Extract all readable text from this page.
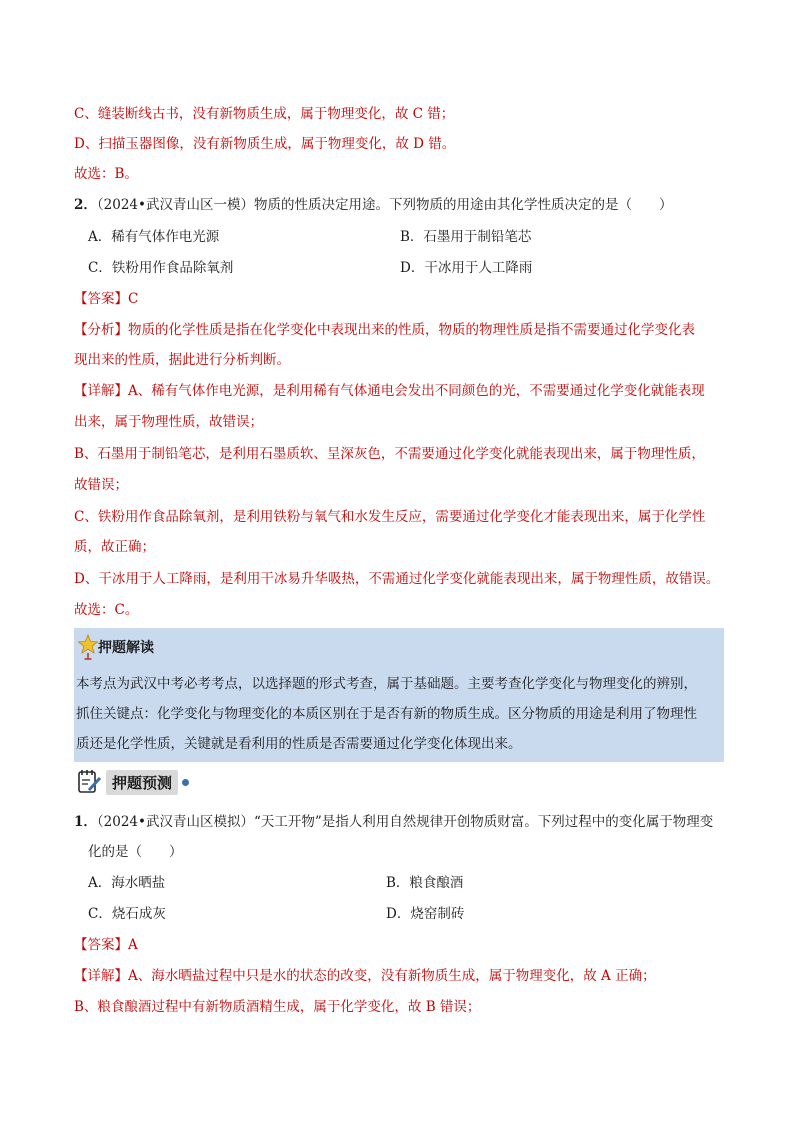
C、缝装断线古书，没有新物质生成，属于物理变化，故 C 错；
D、扫描玉器图像，没有新物质生成，属于物理变化，故 D 错。
故选：B。
2．（2024•武汉青山区一模）物质的性质决定用途。下列物质的用途由其化学性质决定的是（　　）
A．稀有气体作电光源	B．石墨用于制铅笔芯
C．铁粉用作食品除氧剂	D．干冰用于人工降雨
【答案】C
【分析】物质的化学性质是指在化学变化中表现出来的性质，物质的物理性质是指不需要通过化学变化表
现出来的性质，据此进行分析判断。
【详解】A、稀有气体作电光源，是利用稀有气体通电会发出不同颜色的光，不需要通过化学变化就能表现
出来，属于物理性质，故错误；
B、石墨用于制铅笔芯，是利用石墨质软、呈深灰色，不需要通过化学变化就能表现出来，属于物理性质，
故错误；
C、铁粉用作食品除氧剂，是利用铁粉与氧气和水发生反应，需要通过化学变化才能表现出来，属于化学性
质，故正确；
D、干冰用于人工降雨，是利用干冰易升华吸热，不需通过化学变化就能表现出来，属于物理性质，故错误。
故选：C。
押题解读
本考点为武汉中考必考考点，以选择题的形式考查，属于基础题。主要考查化学变化与物理变化的辨别，
抓住关键点：化学变化与物理变化的本质区别在于是否有新的物质生成。区分物质的用途是利用了物理性
质还是化学性质，关键就是看利用的性质是否需要通过化学变化体现出来。
押题预测
1．（2024•武汉青山区模拟）“天工开物”是指人利用自然规律开创物质财富。下列过程中的变化属于物理变
化的是（　　）
A．海水晒盐	B．粮食酿酒
C．烧石成灰	D．烧窑制砖
【答案】A
【详解】A、海水晒盐过程中只是水的状态的改变，没有新物质生成，属于物理变化，故 A 正确；
B、粮食酿酒过程中有新物质酒精生成，属于化学变化，故 B 错误；
